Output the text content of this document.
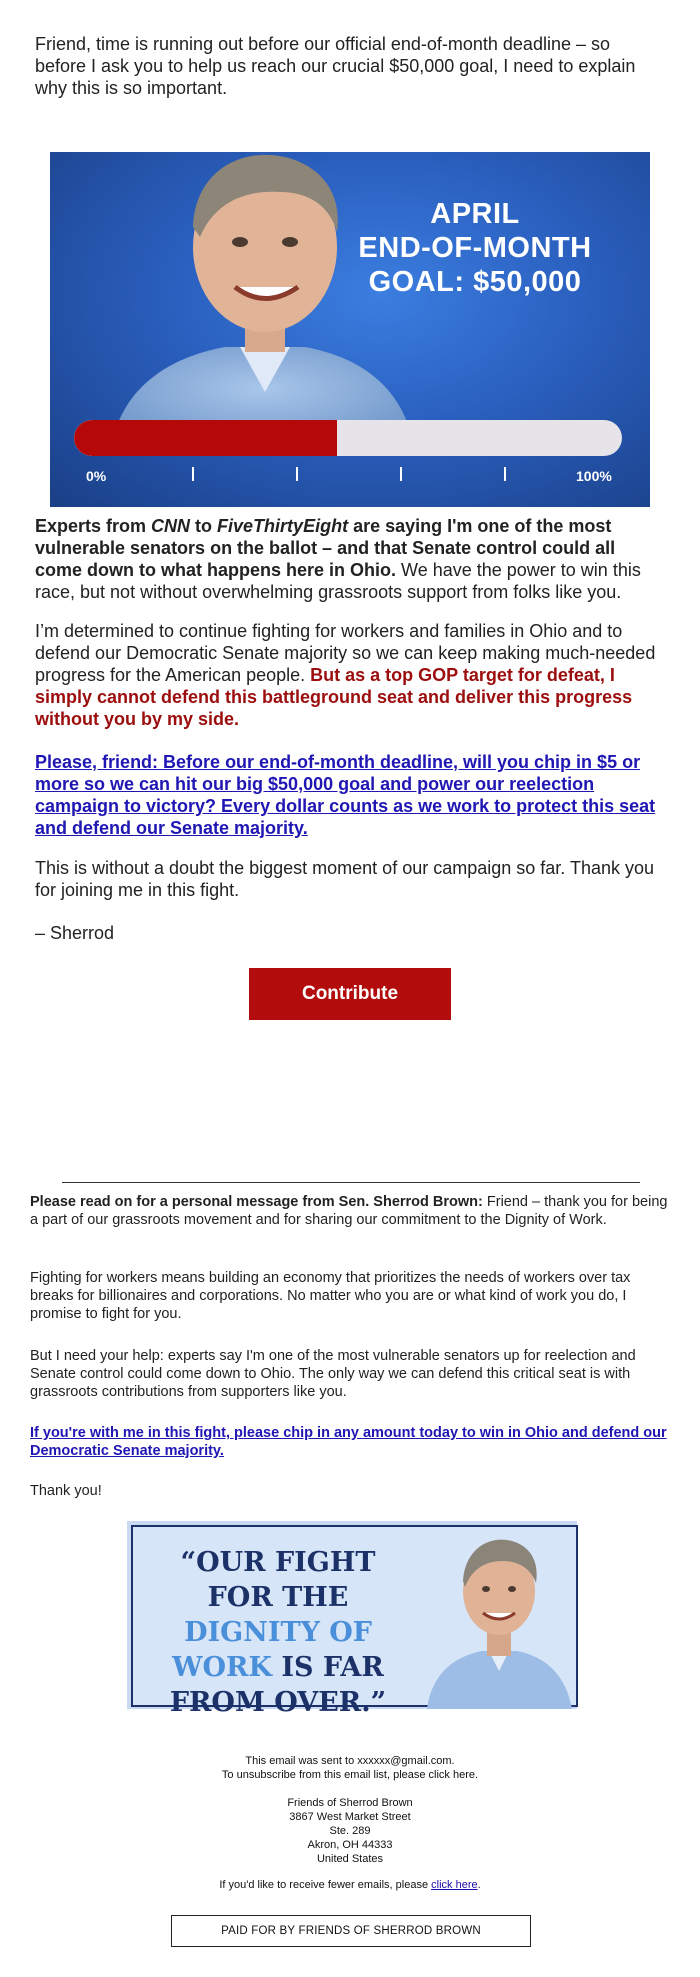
Friend, time is running out before our official end-of-month deadline – so before I ask you to help us reach our crucial $50,000 goal, I need to explain why this is so important.

APRIL
END-OF-MONTH
GOAL: $50,000
0%	100%

Experts from CNN to FiveThirtyEight are saying I'm one of the most vulnerable senators on the ballot – and that Senate control could all come down to what happens here in Ohio. We have the power to win this race, but not without overwhelming grassroots support from folks like you.

I’m determined to continue fighting for workers and families in Ohio and to defend our Democratic Senate majority so we can keep making much-needed progress for the American people. But as a top GOP target for defeat, I simply cannot defend this battleground seat and deliver this progress without you by my side.

Please, friend: Before our end-of-month deadline, will you chip in $5 or more so we can hit our big $50,000 goal and power our reelection campaign to victory? Every dollar counts as we work to protect this seat and defend our Senate majority.

This is without a doubt the biggest moment of our campaign so far. Thank you for joining me in this fight.

– Sherrod

Contribute

Please read on for a personal message from Sen. Sherrod Brown: Friend – thank you for being a part of our grassroots movement and for sharing our commitment to the Dignity of Work.

Fighting for workers means building an economy that prioritizes the needs of workers over tax breaks for billionaires and corporations. No matter who you are or what kind of work you do, I promise to fight for you.

But I need your help: experts say I'm one of the most vulnerable senators up for reelection and Senate control could come down to Ohio. The only way we can defend this critical seat is with grassroots contributions from supporters like you.

If you're with me in this fight, please chip in any amount today to win in Ohio and defend our Democratic Senate majority.

Thank you!

“OUR FIGHT FOR THE DIGNITY OF WORK IS FAR FROM OVER.”
This email was sent to xxxxxx@gmail.com.
To unsubscribe from this email list, please click here.
Friends of Sherrod Brown
3867 West Market Street
Ste. 289
Akron, OH 44333
United States
If you'd like to receive fewer emails, please click here.
PAID FOR BY FRIENDS OF SHERROD BROWN
